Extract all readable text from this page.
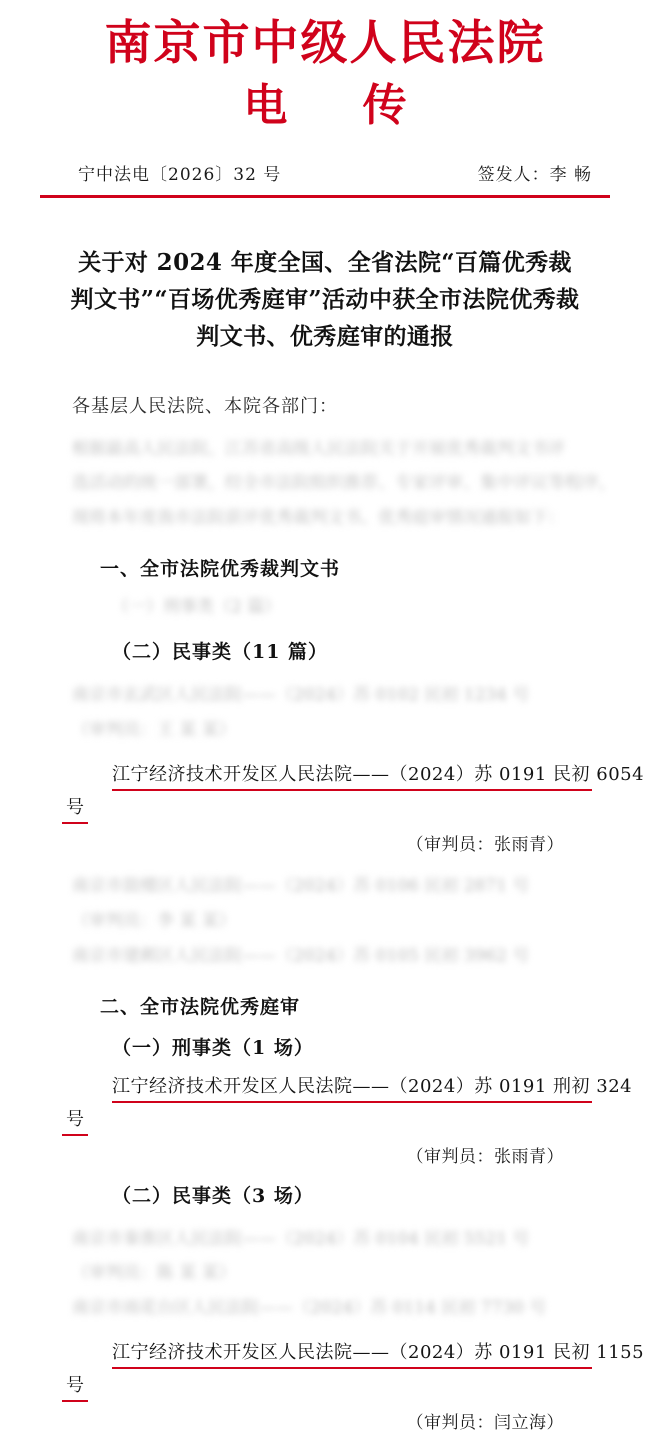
南京市中级人民法院
电 传
宁中法电〔2026〕32 号	签发人：李 畅
关于对 2024 年度全国、全省法院“百篇优秀裁判文书”“百场优秀庭审”活动中获全市法院优秀裁判文书、优秀庭审的通报
各基层人民法院、本院各部门：
根据最高人民法院、江苏省高级人民法院关于开展优秀裁判文书评
选活动的统一部署，经全市法院组织推荐、专家评审、集中评议等程序，
现将本年度我市法院获评优秀裁判文书、优秀庭审情况通报如下：
一、全市法院优秀裁判文书
（一）刑事类（2 篇）
（二）民事类（11 篇）
南京市玄武区人民法院——（2024）苏 0102 民初 1234 号
（审判员：王 某 某）
江宁经济技术开发区人民法院——（2024）苏 0191 民初 6054
号
（审判员：张雨青）
南京市鼓楼区人民法院——（2024）苏 0106 民初 2871 号
（审判员：李 某 某）
南京市建邺区人民法院——（2024）苏 0105 民初 3962 号
二、全市法院优秀庭审
（一）刑事类（1 场）
江宁经济技术开发区人民法院——（2024）苏 0191 刑初 324
号
（审判员：张雨青）
（二）民事类（3 场）
南京市秦淮区人民法院——（2024）苏 0104 民初 5521 号
（审判员：陈 某 某）
南京市雨花台区人民法院——（2024）苏 0114 民初 7730 号
江宁经济技术开发区人民法院——（2024）苏 0191 民初 1155
号
（审判员：闫立海）
